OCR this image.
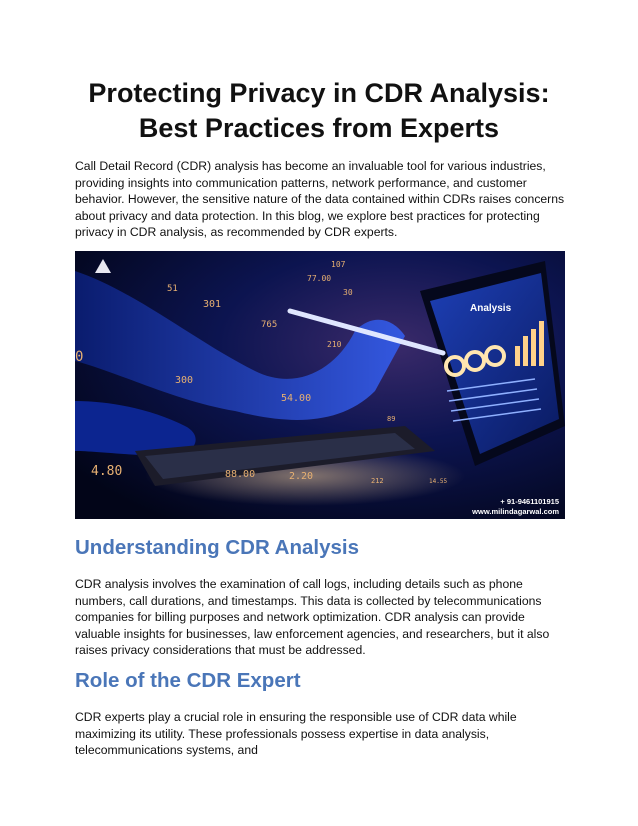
Protecting Privacy in CDR Analysis: Best Practices from Experts

Call Detail Record (CDR) analysis has become an invaluable tool for various industries, providing insights into communication patterns, network performance, and customer behavior. However, the sensitive nature of the data contained within CDRs raises concerns about privacy and data protection. In this blog, we explore best practices for protecting privacy in CDR analysis, as recommended by CDR experts.

Analysis
107
77.00
51
301
30
765
210
0
300
54.00
4.80	88.00	2.20	212	14.55
89
+ 91-9461101915
www.milindagarwal.com
Understanding CDR Analysis

CDR analysis involves the examination of call logs, including details such as phone numbers, call durations, and timestamps. This data is collected by telecommunications companies for billing purposes and network optimization. CDR analysis can provide valuable insights for businesses, law enforcement agencies, and researchers, but it also raises privacy considerations that must be addressed.

Role of the CDR Expert

CDR experts play a crucial role in ensuring the responsible use of CDR data while maximizing its utility. These professionals possess expertise in data analysis, telecommunications systems, and
